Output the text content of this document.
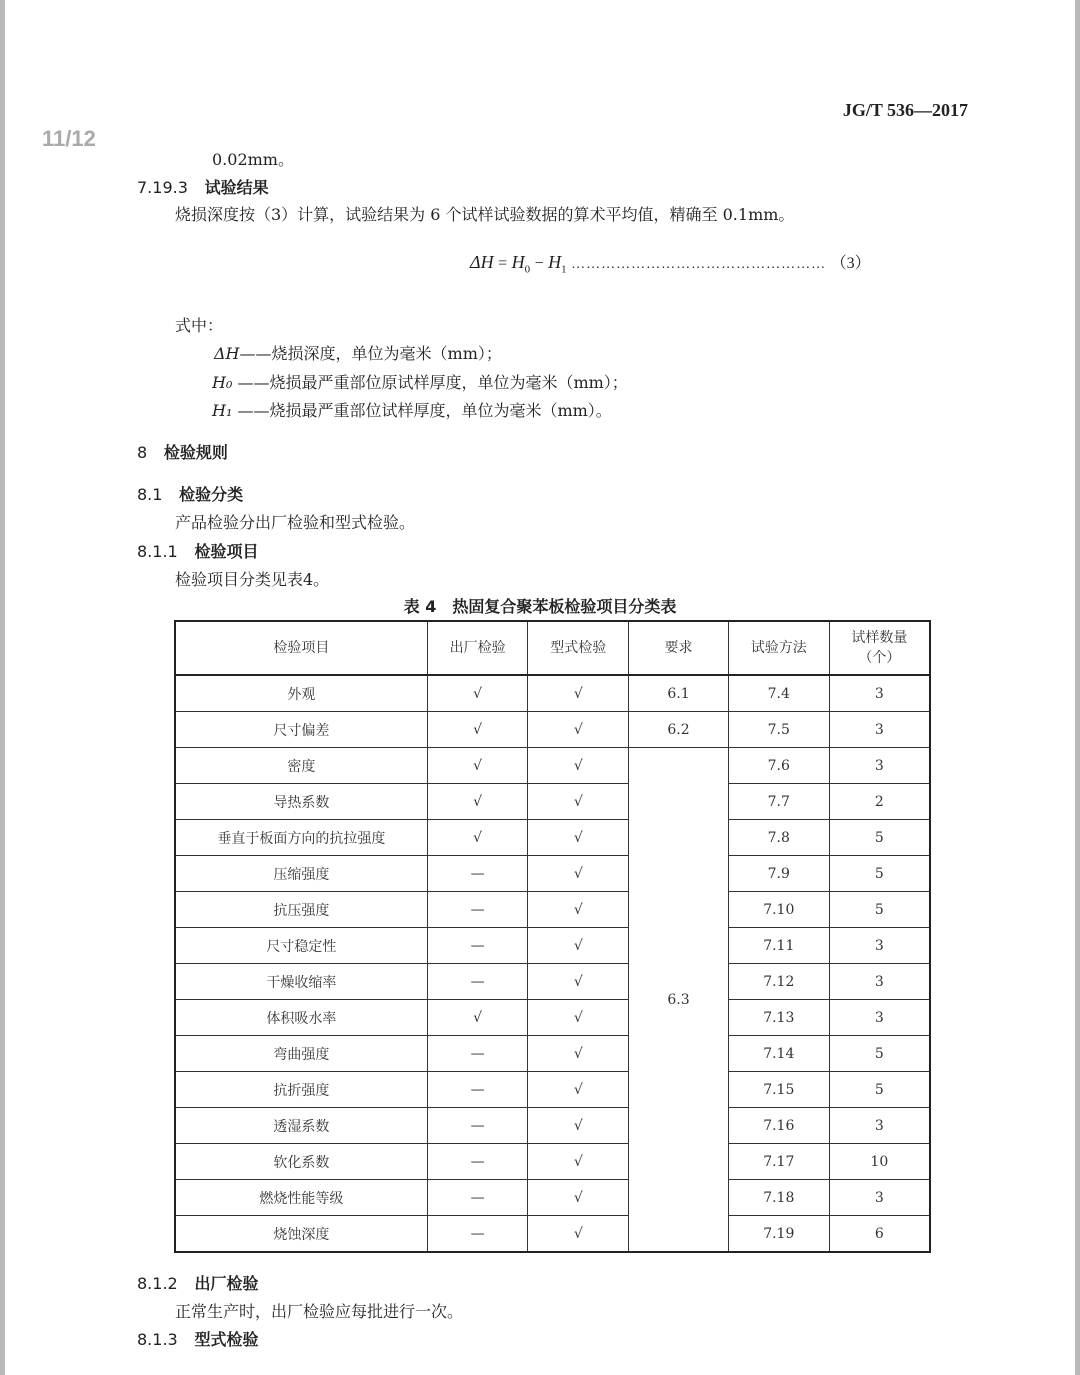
JG/T 536—2017
11/12
0.02mm。
7.19.3 试验结果
烧损深度按（3）计算，试验结果为 6 个试样试验数据的算术平均值，精确至 0.1mm。
$\Delta H = H_0 - H_1$ …………………………………………… （3）
式中：
ΔH——烧损深度，单位为毫米（mm）；
H₀ ——烧损最严重部位原试样厚度，单位为毫米（mm）；
H₁ ——烧损最严重部位试样厚度，单位为毫米（mm）。
8 检验规则
8.1 检验分类
产品检验分出厂检验和型式检验。
8.1.1 检验项目
检验项目分类见表4。
表 4　热固复合聚苯板检验项目分类表
检验项目	出厂检验	型式检验	要求	试验方法	试样数量
（个）
外观	√	√	6.1	7.4	3
尺寸偏差	√	√	6.2	7.5	3
密度	√	√	6.3	7.6	3
导热系数	√	√		7.7	2
垂直于板面方向的抗拉强度	√	√		7.8	5
压缩强度	—	√		7.9	5
抗压强度	—	√		7.10	5
尺寸稳定性	—	√		7.11	3
干燥收缩率	—	√		7.12	3
体积吸水率	√	√		7.13	3
弯曲强度	—	√		7.14	5
抗折强度	—	√		7.15	5
透湿系数	—	√		7.16	3
软化系数	—	√		7.17	10
燃烧性能等级	—	√		7.18	3
烧蚀深度	—	√		7.19	6
8.1.2 出厂检验
正常生产时，出厂检验应每批进行一次。
8.1.3 型式检验
